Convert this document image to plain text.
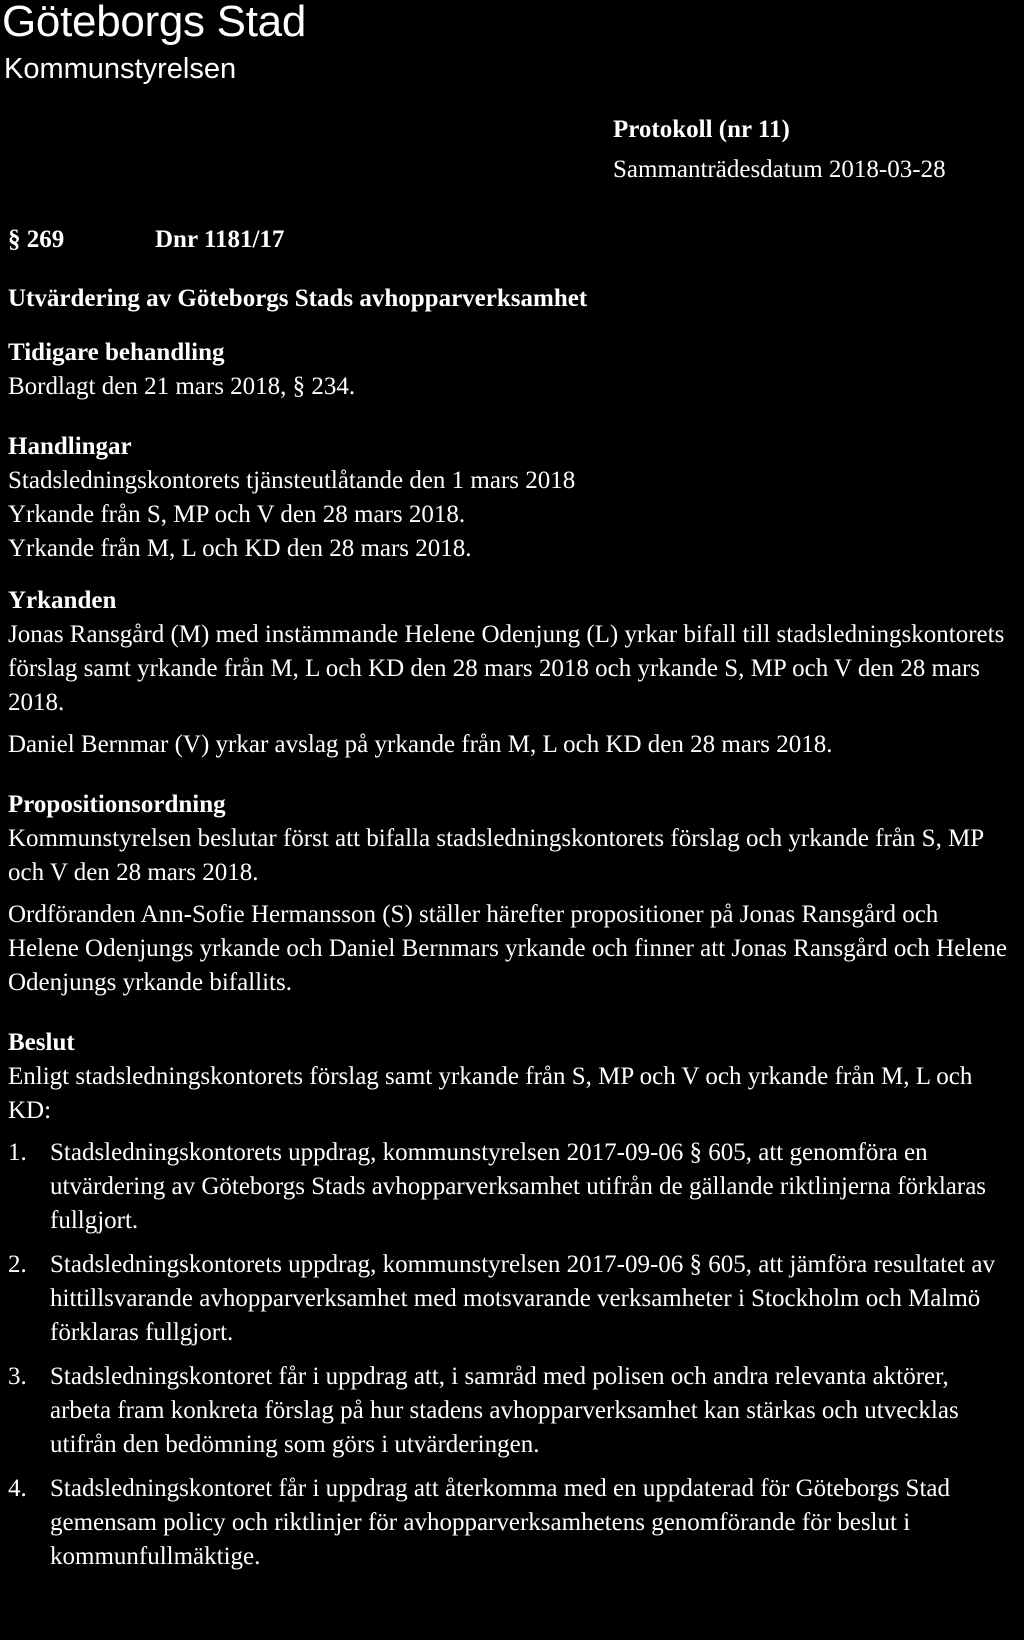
Göteborgs Stad
Kommunstyrelsen
Protokoll (nr 11)
Sammanträdesdatum 2018-03-28
§ 269	Dnr 1181/17

Utvärdering av Göteborgs Stads avhopparverksamhet

Tidigare behandling

Bordlagt den 21 mars 2018, § 234.

Handlingar

Stadsledningskontorets tjänsteutlåtande den 1 mars 2018
Yrkande från S, MP och V den 28 mars 2018.
Yrkande från M, L och KD den 28 mars 2018.

Yrkanden

Jonas Ransgård (M) med instämmande Helene Odenjung (L) yrkar bifall till stadsledningskontorets förslag samt yrkande från M, L och KD den 28 mars 2018 och yrkande S, MP och V den 28 mars 2018.

Daniel Bernmar (V) yrkar avslag på yrkande från M, L och KD den 28 mars 2018.

Propositionsordning

Kommunstyrelsen beslutar först att bifalla stadsledningskontorets förslag och yrkande från S, MP och V den 28 mars 2018.

Ordföranden Ann-Sofie Hermansson (S) ställer härefter propositioner på Jonas Ransgård och Helene Odenjungs yrkande och Daniel Bernmars yrkande och finner att Jonas Ransgård och Helene Odenjungs yrkande bifallits.

Beslut

Enligt stadsledningskontorets förslag samt yrkande från S, MP och V och yrkande från M, L och KD:

1. Stadsledningskontorets uppdrag, kommunstyrelsen 2017-09-06 § 605, att genomföra en utvärdering av Göteborgs Stads avhopparverksamhet utifrån de gällande riktlinjerna förklaras fullgjort.
2. Stadsledningskontorets uppdrag, kommunstyrelsen 2017-09-06 § 605, att jämföra resultatet av hittillsvarande avhopparverksamhet med motsvarande verksamheter i Stockholm och Malmö förklaras fullgjort.
3. Stadsledningskontoret får i uppdrag att, i samråd med polisen och andra relevanta aktörer, arbeta fram konkreta förslag på hur stadens avhopparverksamhet kan stärkas och utvecklas utifrån den bedömning som görs i utvärderingen.
4. Stadsledningskontoret får i uppdrag att återkomma med en uppdaterad för Göteborgs Stad gemensam policy och riktlinjer för avhopparverksamhetens genomförande för beslut i kommunfullmäktige.
